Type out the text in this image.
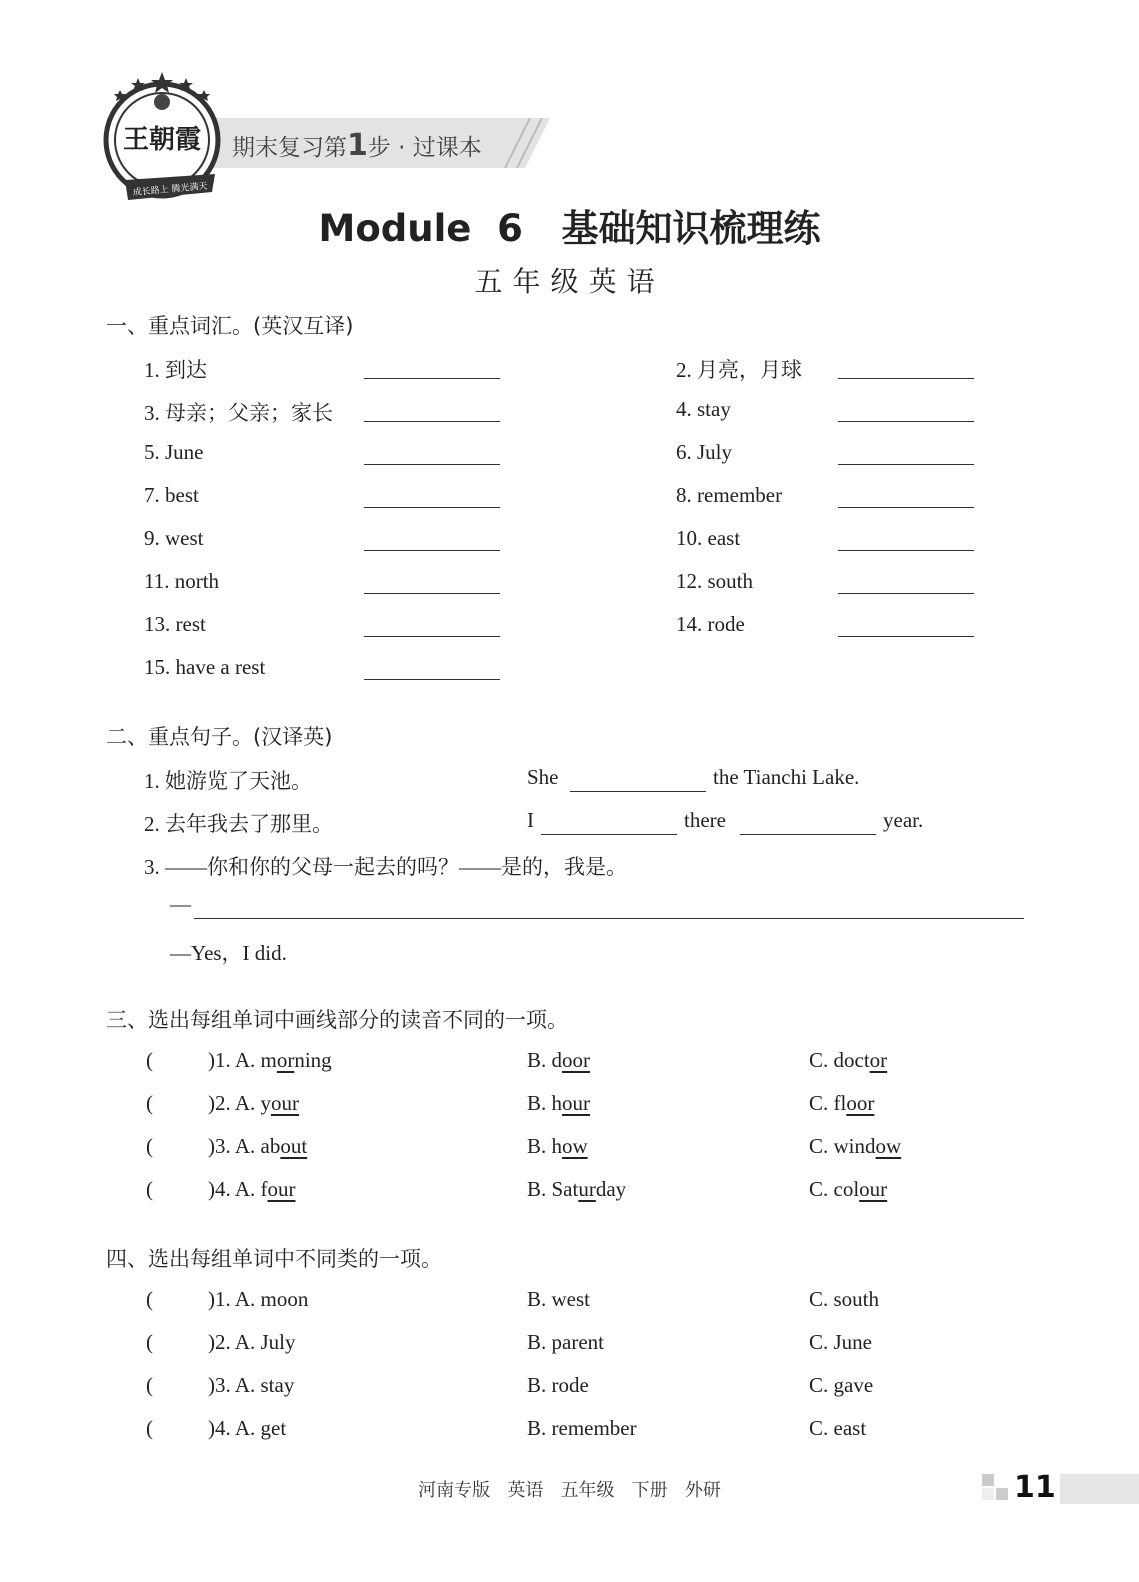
期末复习第1步 · 过课本
王朝霞
成长路上 腾光满天
Module  6   基础知识梳理练
五年级英语
一、重点词汇。(英汉互译)
1. 到达	2. 月亮，月球
3. 母亲；父亲；家长	4. stay
5. June	6. July
7. best	8. remember
9. west	10. east
11. north	12. south
13. rest	14. rode
15. have a rest
二、重点句子。(汉译英)
1. 她游览了天池。	She	the Tianchi Lake.
2. 去年我去了那里。	I	there	year.
3. ——你和你的父母一起去的吗？——是的，我是。
—
—Yes，I did.
三、选出每组单词中画线部分的读音不同的一项。
(	)1. A. morning	B. door	C. doctor
(	)2. A. your	B. hour	C. floor
(	)3. A. about	B. how	C. window
(	)4. A. four	B. Saturday	C. colour
四、选出每组单词中不同类的一项。
(	)1. A. moon	B. west	C. south
(	)2. A. July	B. parent	C. June
(	)3. A. stay	B. rode	C. gave
(	)4. A. get	B. remember	C. east
河南专版   英语   五年级   下册   外研	11
